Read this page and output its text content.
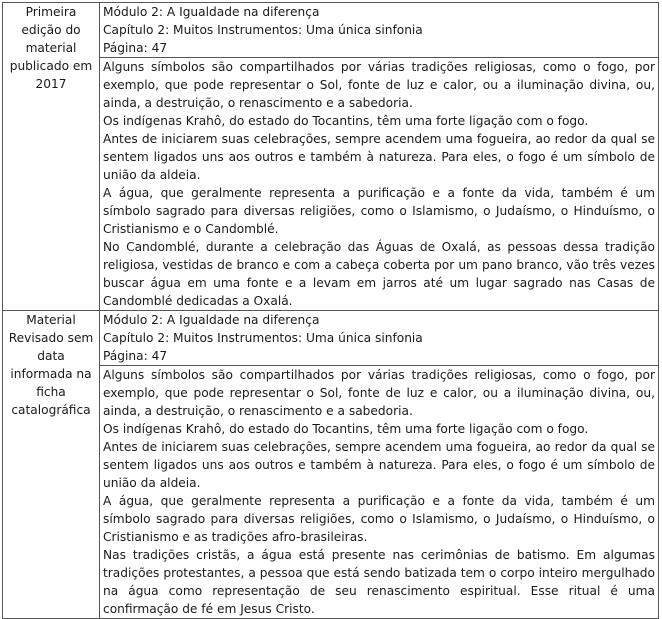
Primeira edição do material publicado em 2017	Módulo 2: A Igualdade na diferença
Capítulo 2: Muitos Instrumentos: Uma única sinfonia
Página: 47

	Alguns símbolos são compartilhados por várias tradições religiosas, como o fogo, por exemplo, que pode representar o Sol, fonte de luz e calor, ou a iluminação divina, ou, ainda, a destruição, o renascimento e a sabedoria.

Os indígenas Krahô, do estado do Tocantins, têm uma forte ligação com o fogo.

Antes de iniciarem suas celebrações, sempre acendem uma fogueira, ao redor da qual se sentem ligados uns aos outros e também à natureza. Para eles, o fogo é um símbolo de união da aldeia.

A água, que geralmente representa a purificação e a fonte da vida, também é um símbolo sagrado para diversas religiões, como o Islamismo, o Judaísmo, o Hinduísmo, o Cristianismo e o Candomblé.

No Candomblé, durante a celebração das Águas de Oxalá, as pessoas dessa tradição religiosa, vestidas de branco e com a cabeça coberta por um pano branco, vão três vezes buscar água em uma fonte e a levam em jarros até um lugar sagrado nas Casas de Candomblé dedicadas a Oxalá.

Material Revisado sem data informada na ficha catalográfica	Módulo 2: A Igualdade na diferença
Capítulo 2: Muitos Instrumentos: Uma única sinfonia
Página: 47

	Alguns símbolos são compartilhados por várias tradições religiosas, como o fogo, por exemplo, que pode representar o Sol, fonte de luz e calor, ou a iluminação divina, ou, ainda, a destruição, o renascimento e a sabedoria.

Os indígenas Krahô, do estado do Tocantins, têm uma forte ligação com o fogo.

Antes de iniciarem suas celebrações, sempre acendem uma fogueira, ao redor da qual se sentem ligados uns aos outros e também à natureza. Para eles, o fogo é um símbolo de união da aldeia.

A água, que geralmente representa a purificação e a fonte da vida, também é um símbolo sagrado para diversas religiões, como o Islamismo, o Judaísmo, o Hinduísmo, o Cristianismo e as tradições afro-brasileiras.

Nas tradições cristãs, a água está presente nas cerimônias de batismo. Em algumas tradições protestantes, a pessoa que está sendo batizada tem o corpo inteiro mergulhado na água como representação de seu renascimento espiritual. Esse ritual é uma confirmação de fé em Jesus Cristo.
